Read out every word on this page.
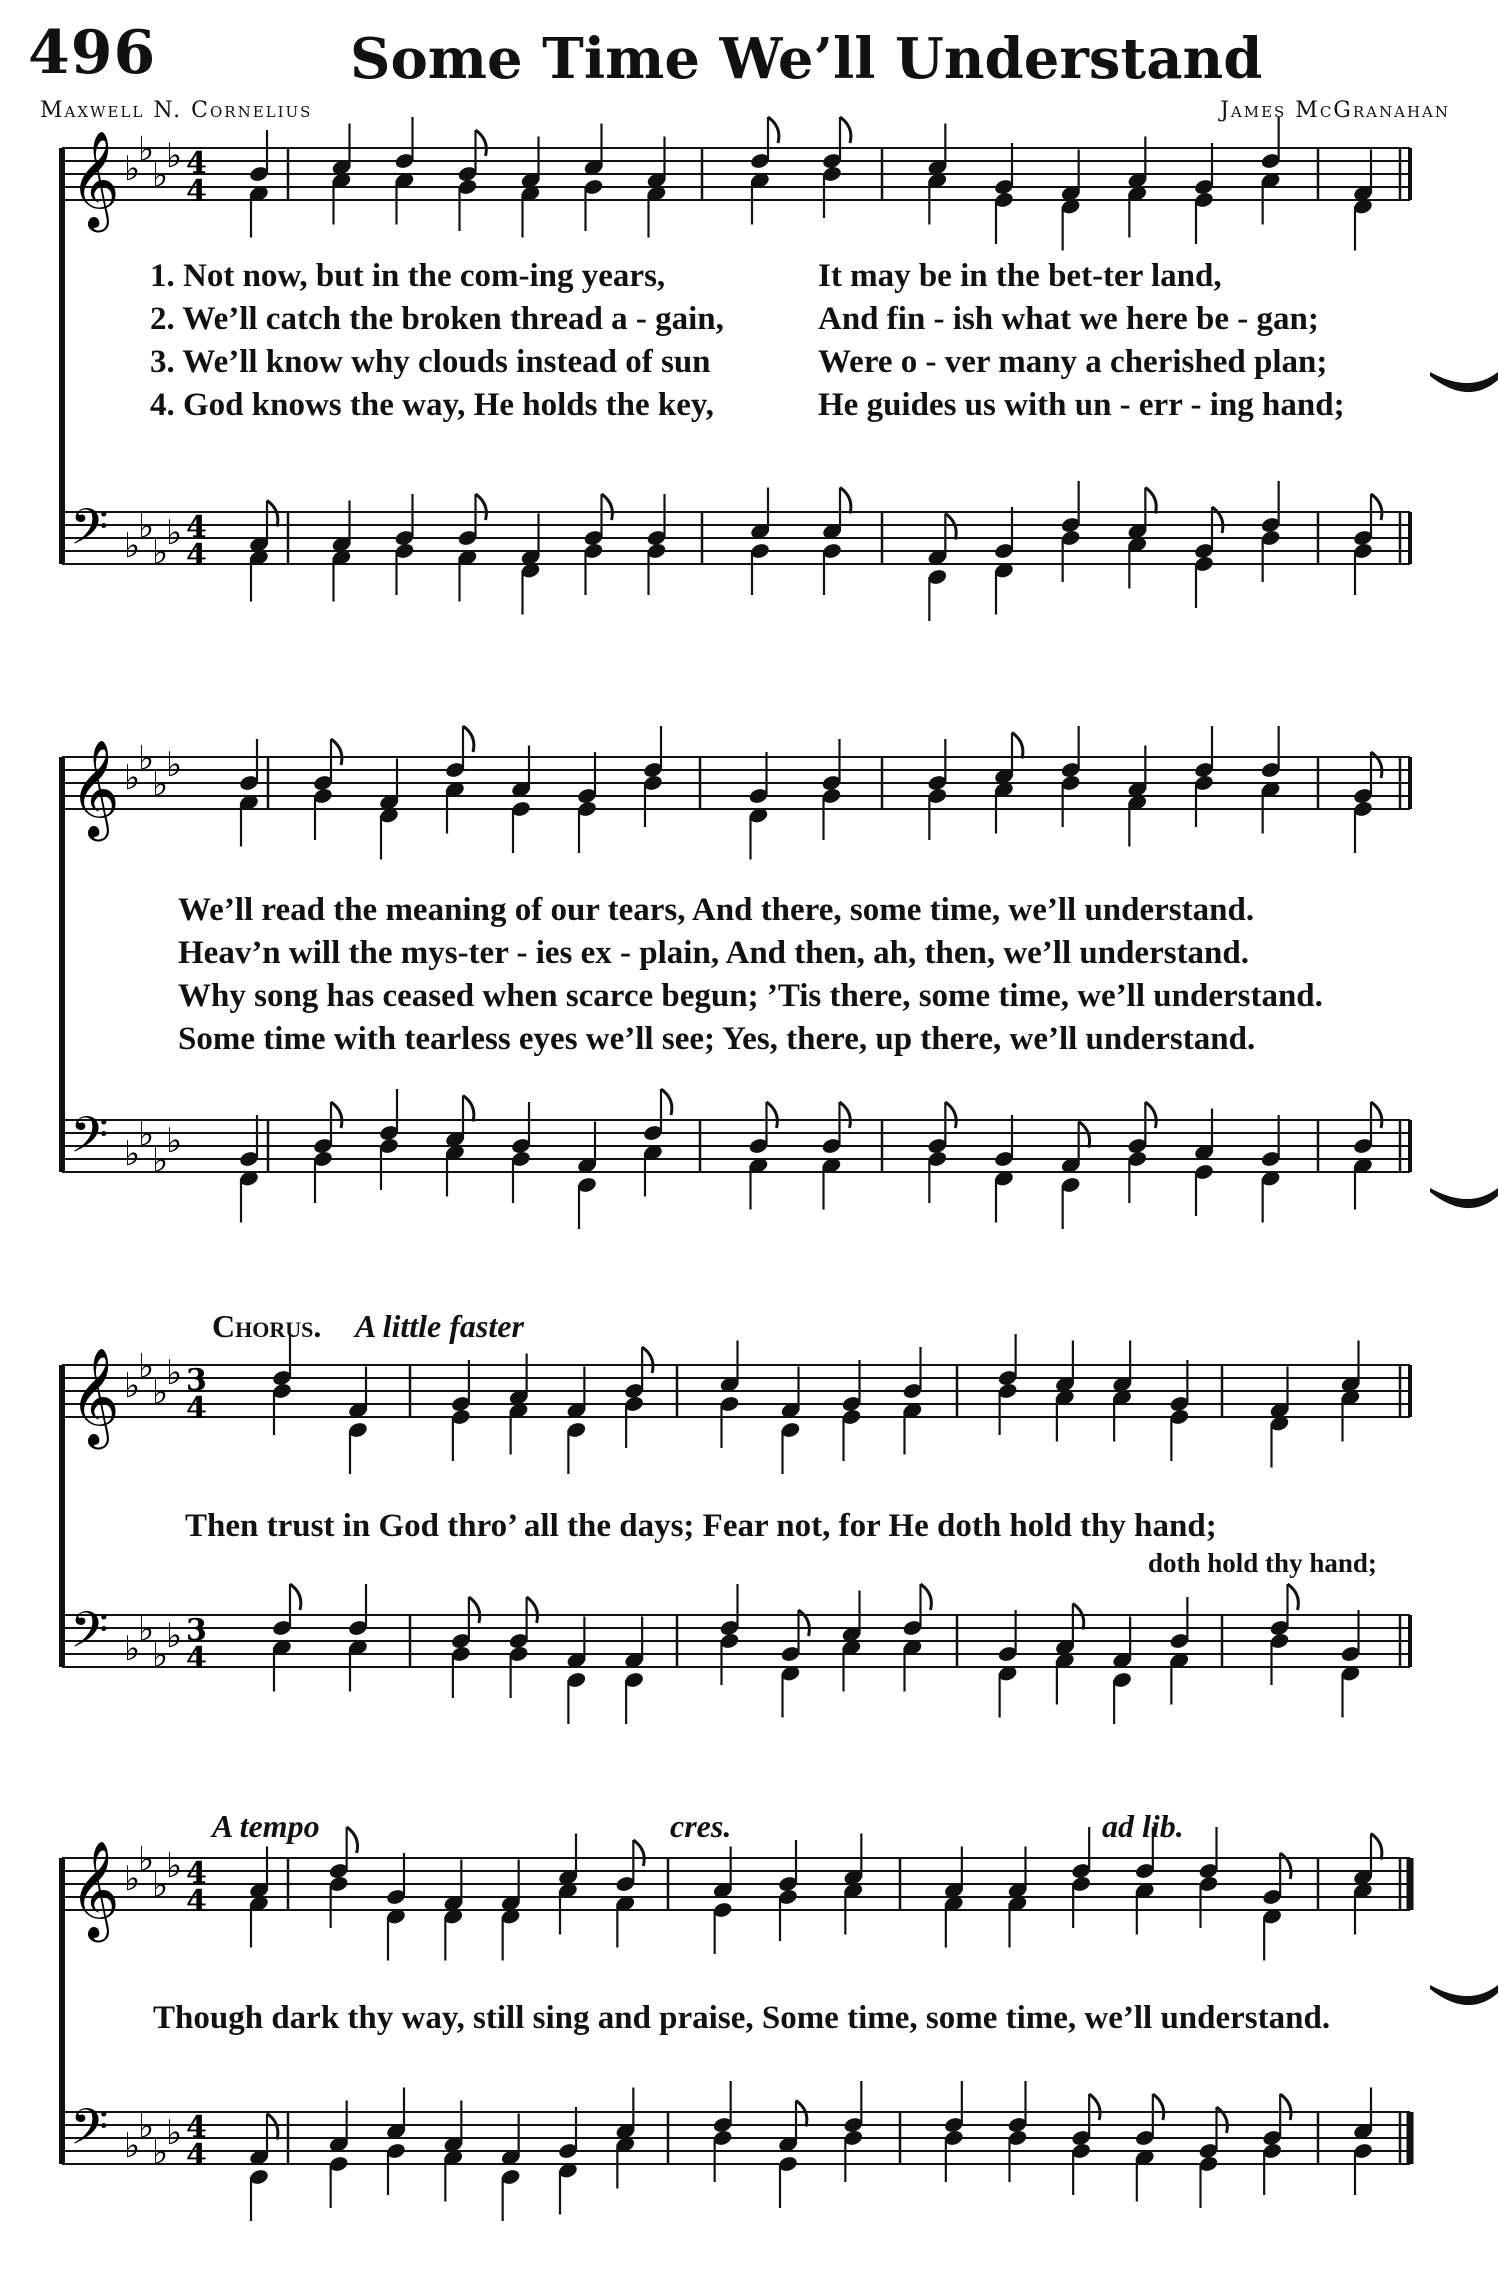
496	Some Time We’ll Understand
Maxwell N. Cornelius	James McGranahan
𝄞 ♭
♭
♭
♭ 4
4
𝄢 ♭
♭
♭
♭ 4
4
𝄞 ♭
♭
♭
♭
𝄢 ♭
♭
♭
♭
𝄞 ♭
♭
♭
♭ 3
4
𝄢 ♭
♭
♭
♭ 3
4
𝄞 ♭
♭
♭
♭ 4
4
𝄢 ♭
♭
♭
♭ 4
4
1. Not now, but in the com-ing years,	It may be in the bet-ter land,
2. We’ll catch the broken thread a - gain,	And fin - ish what we here be - gan;
3. We’ll know why clouds instead of sun	Were o - ver many a cherished plan;
4. God knows the way, He holds the key,	He guides us with un - err - ing hand;
We’ll read the meaning of our tears, And there, some time, we’ll understand.
Heav’n will the mys-ter - ies ex - plain, And then, ah, then, we’ll understand.
Why song has ceased when scarce begun; ’Tis there, some time, we’ll understand.
Some time with tearless eyes we’ll see; Yes, there, up there, we’ll understand.
Chorus. A little faster
Then trust in God thro’ all the days; Fear not, for He doth hold thy hand;
doth hold thy hand;
A tempo	cres.	ad lib.
Though dark thy way, still sing and praise, Some time, some time, we’ll understand.
